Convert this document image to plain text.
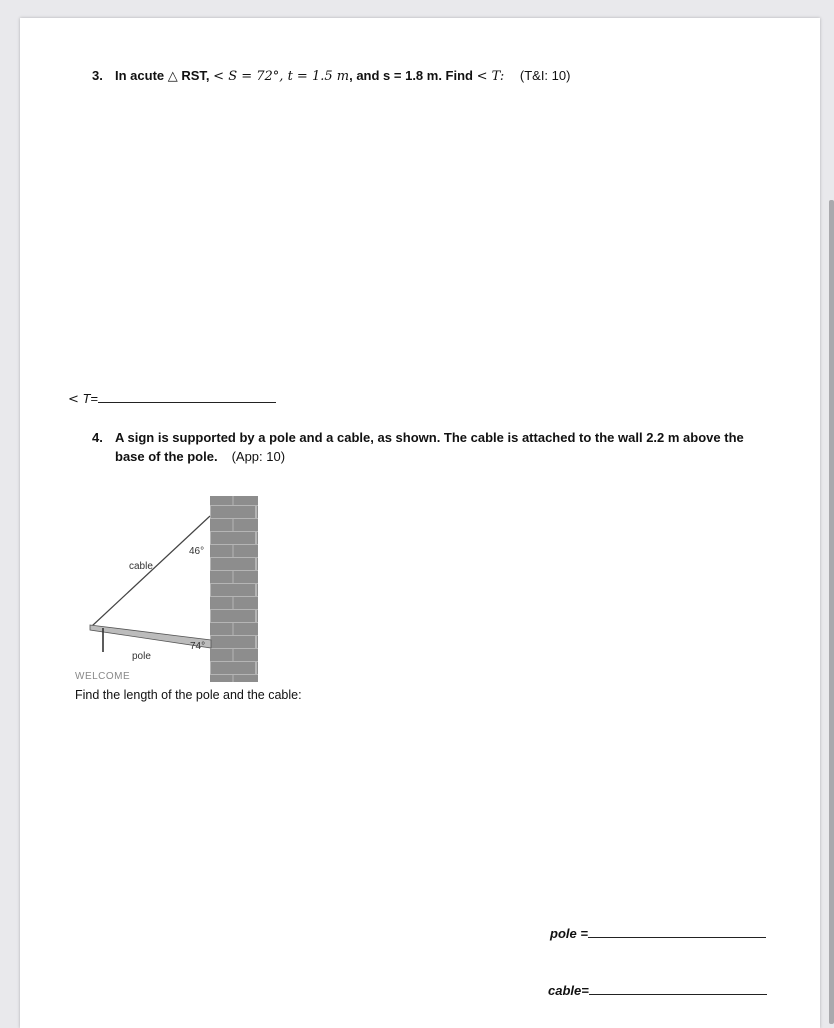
3. In acute △ RST, < S = 72°, t = 1.5 m, and s = 1.8 m. Find < T: (T&I: 10)
< T=
4. A sign is supported by a pole and a cable, as shown. The cable is attached to the wall 2.2 m above the base of the pole. (App: 10)
cable
pole
WELCOME
46°
74°
Find the length of the pole and the cable:
pole =
cable=
